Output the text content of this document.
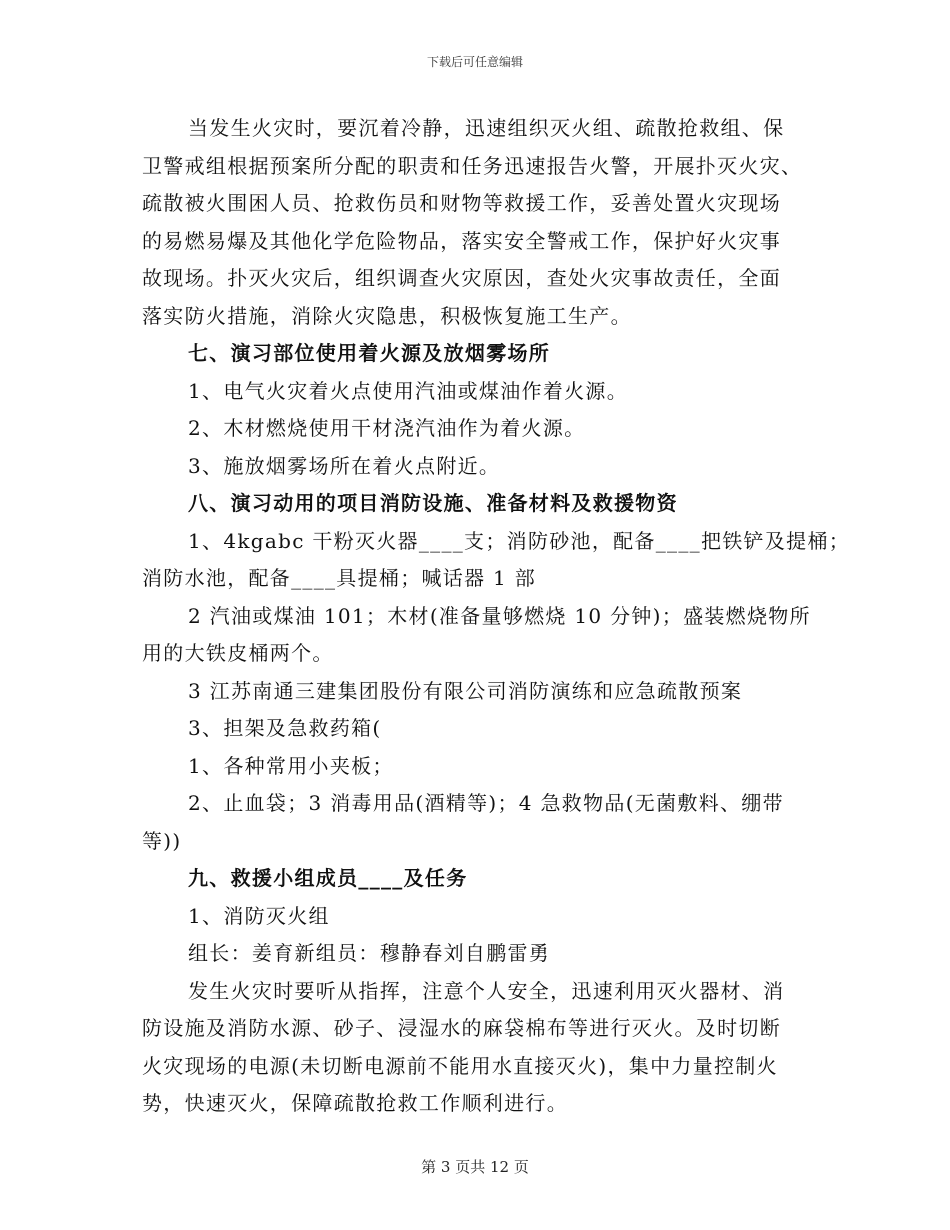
下载后可任意编辑

当发生火灾时，要沉着冷静，迅速组织灭火组、疏散抢救组、保

卫警戒组根据预案所分配的职责和任务迅速报告火警，开展扑灭火灾、

疏散被火围困人员、抢救伤员和财物等救援工作，妥善处置火灾现场

的易燃易爆及其他化学危险物品，落实安全警戒工作，保护好火灾事

故现场。扑灭火灾后，组织调查火灾原因，查处火灾事故责任，全面

落实防火措施，消除火灾隐患，积极恢复施工生产。

七、演习部位使用着火源及放烟雾场所

1、电气火灾着火点使用汽油或煤油作着火源。

2、木材燃烧使用干材浇汽油作为着火源。

3、施放烟雾场所在着火点附近。

八、演习动用的项目消防设施、准备材料及救援物资

1、4kgabc 干粉灭火器____支；消防砂池，配备____把铁铲及提桶；

消防水池，配备____具提桶；喊话器 1 部

2 汽油或煤油 101；木材(准备量够燃烧 10 分钟)；盛装燃烧物所

用的大铁皮桶两个。

3 江苏南通三建集团股份有限公司消防演练和应急疏散预案

3、担架及急救药箱(

1、各种常用小夹板；

2、止血袋；3 消毒用品(酒精等)；4 急救物品(无菌敷料、绷带

等))

九、救援小组成员____及任务

1、消防灭火组

组长：姜育新组员：穆静春刘自鹏雷勇

发生火灾时要听从指挥，注意个人安全，迅速利用灭火器材、消

防设施及消防水源、砂子、浸湿水的麻袋棉布等进行灭火。及时切断

火灾现场的电源(未切断电源前不能用水直接灭火)，集中力量控制火

势，快速灭火，保障疏散抢救工作顺利进行。

第 3 页共 12 页
